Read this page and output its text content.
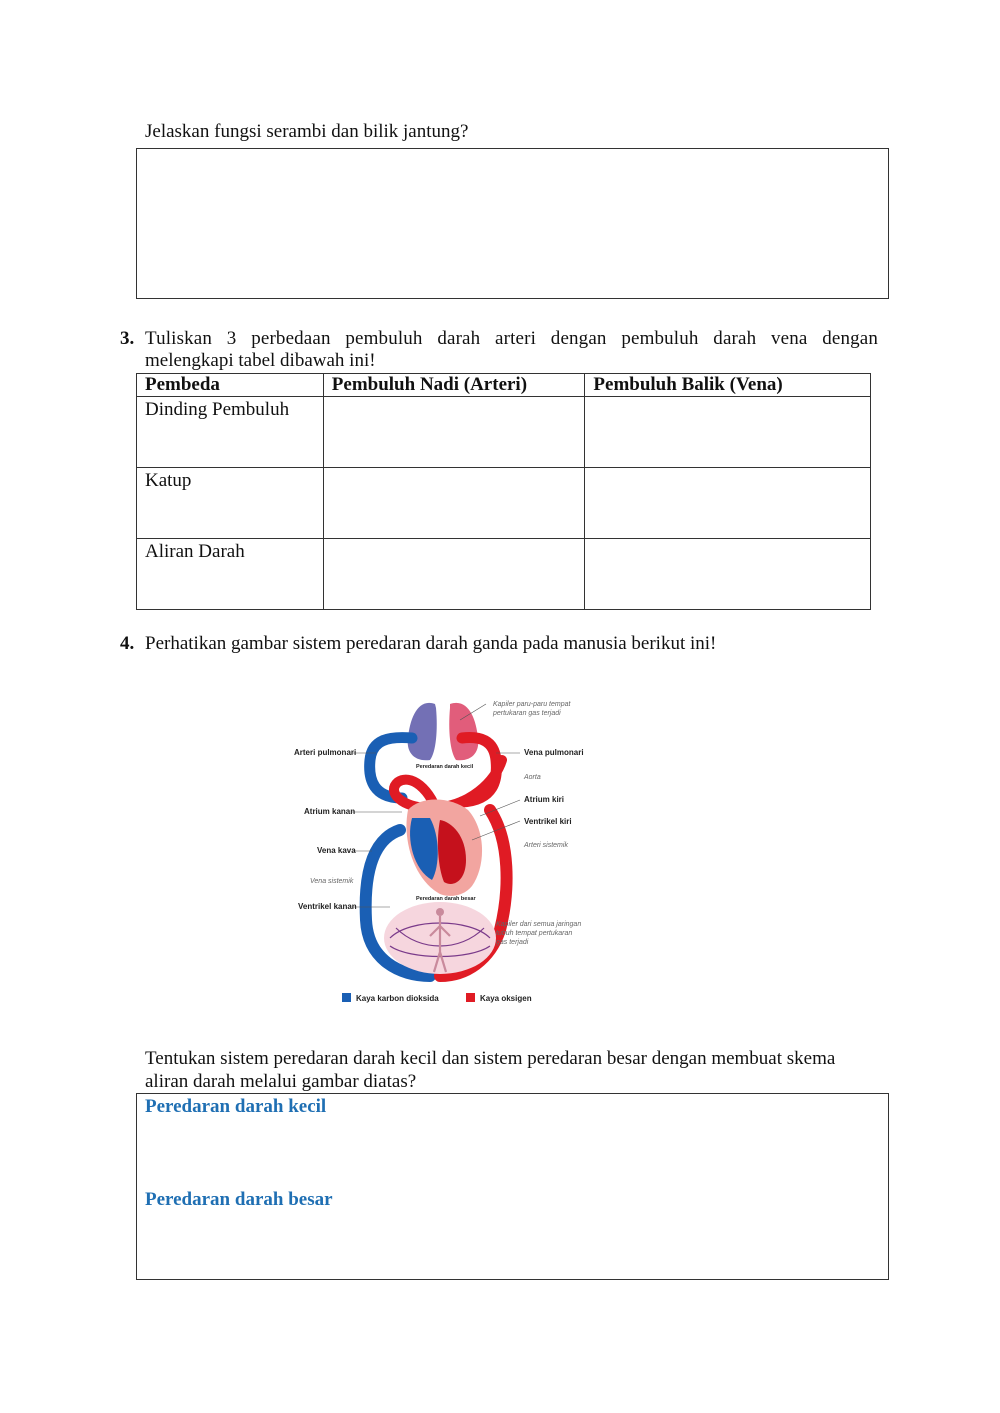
Jelaskan fungsi serambi dan bilik jantung?
3. Tuliskan 3 perbedaan pembuluh darah arteri dengan pembuluh darah vena dengan
melengkapi tabel dibawah ini!
Pembeda	Pembuluh Nadi (Arteri)	Pembuluh Balik (Vena)
Dinding Pembuluh	

Katup	

Aliran Darah	

4. Perhatikan gambar sistem peredaran darah ganda pada manusia berikut ini!
Arteri pulmonari
Atrium kanan
Vena kava
Vena sistemik
Ventrikel kanan
Kapiler paru-paru tempat
pertukaran gas terjadi
Vena pulmonari
Aorta
Atrium kiri
Ventrikel kiri
Arteri sistemik
Kapiler dari semua jaringan
tubuh tempat pertukaran
gas terjadi
Peredaran darah kecil
Peredaran darah besar
Kaya karbon dioksida	Kaya oksigen
Tentukan sistem peredaran darah kecil dan sistem peredaran besar dengan membuat skema
aliran darah melalui gambar diatas?
Peredaran darah kecil
Peredaran darah besar
